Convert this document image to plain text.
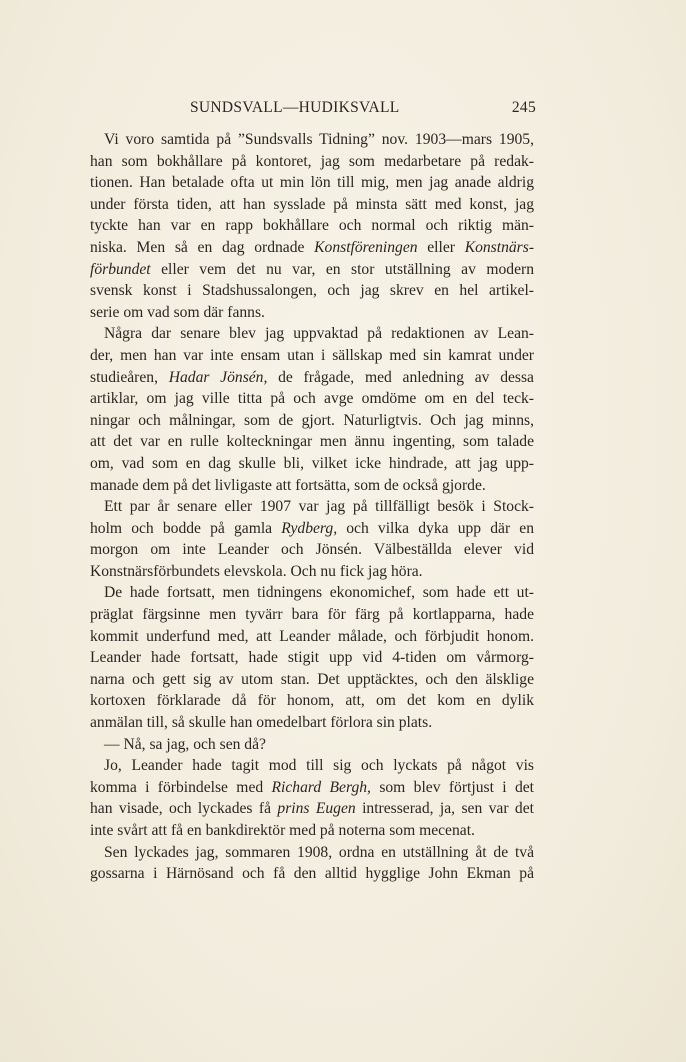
SUNDSVALL—HUDIKSVALL	245

Vi voro samtida på ”Sundsvalls Tidning” nov. 1903—mars 1905,
han som bokhållare på kontoret, jag som medarbetare på redak-
tionen. Han betalade ofta ut min lön till mig, men jag anade aldrig
under första tiden, att han sysslade på minsta sätt med konst, jag
tyckte han var en rapp bokhållare och normal och riktig män-
niska. Men så en dag ordnade Konstföreningen eller Konstnärs-
förbundet eller vem det nu var, en stor utställning av modern
svensk konst i Stadshussalongen, och jag skrev en hel artikel-
serie om vad som där fanns.

Några dar senare blev jag uppvaktad på redaktionen av Lean-
der, men han var inte ensam utan i sällskap med sin kamrat under
studieåren, Hadar Jönsén, de frågade, med anledning av dessa
artiklar, om jag ville titta på och avge omdöme om en del teck-
ningar och målningar, som de gjort. Naturligtvis. Och jag minns,
att det var en rulle kolteckningar men ännu ingenting, som talade
om, vad som en dag skulle bli, vilket icke hindrade, att jag upp-
manade dem på det livligaste att fortsätta, som de också gjorde.

Ett par år senare eller 1907 var jag på tillfälligt besök i Stock-
holm och bodde på gamla Rydberg, och vilka dyka upp där en
morgon om inte Leander och Jönsén. Välbeställda elever vid
Konstnärsförbundets elevskola. Och nu fick jag höra.

De hade fortsatt, men tidningens ekonomichef, som hade ett ut-
präglat färgsinne men tyvärr bara för färg på kortlapparna, hade
kommit underfund med, att Leander målade, och förbjudit honom.
Leander hade fortsatt, hade stigit upp vid 4-tiden om vårmorg-
narna och gett sig av utom stan. Det upptäcktes, och den älsklige
kortoxen förklarade då för honom, att, om det kom en dylik
anmälan till, så skulle han omedelbart förlora sin plats.

— Nå, sa jag, och sen då?

Jo, Leander hade tagit mod till sig och lyckats på något vis
komma i förbindelse med Richard Bergh, som blev förtjust i det
han visade, och lyckades få prins Eugen intresserad, ja, sen var det
inte svårt att få en bankdirektör med på noterna som mecenat.

Sen lyckades jag, sommaren 1908, ordna en utställning åt de två
gossarna i Härnösand och få den alltid hygglige John Ekman på
